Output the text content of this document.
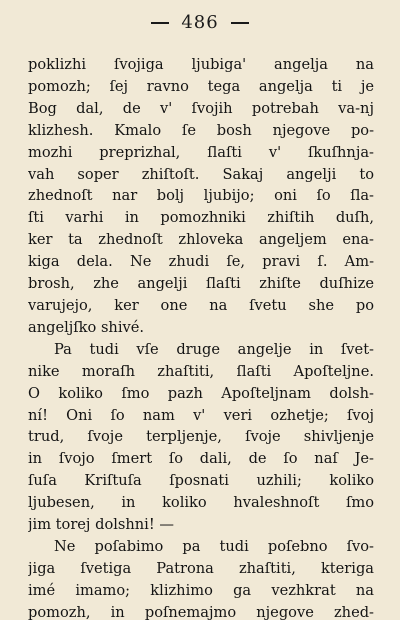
486
poklizhi ſvojiga ljubiga' angelja na
pomozh; ſej ravno tega angelja ti je
Bog dal, de v' ſvojih potrebah va-nj
klizhesh. Kmalo ſe bosh njegove po-
mozhi preprizhal, ſlaſti v' ſkuſhnja-
vah soper zhiſtoſt. Sakaj angelji to
zhednoſt nar bolj ljubijo; oni ſo ſla-
ſti varhi in pomozhniki zhiſtih duſh,
ker ta zhednoſt zhloveka angeljem ena-
kiga dela. Ne zhudi ſe, pravi ſ. Am-
brosh, zhe angelji ſlaſti zhiſte duſhize
varujejo, ker one na ſvetu she po
angeljſko shivé.
Pa tudi vſe druge angelje in ſvet-
nike moraſh zhaſtiti, ſlaſti Apoſteljne.
O koliko ſmo pazh Apoſteljnam dolsh-
ní! Oni ſo nam v' veri ozhetje; ſvoj
trud, ſvoje terpljenje, ſvoje shivljenje
in ſvojo ſmert ſo dali, de ſo naſ Je-
ſuſa Kriſtuſa ſposnati uzhili; koliko
ljubesen, in koliko hvaleshnoſt ſmo
jim torej dolshni! —
Ne poſabimo pa tudi poſebno ſvo-
jiga ſvetiga Patrona zhaſtiti, kteriga
imé imamo; klizhimo ga vezhkrat na
pomozh, in poſnemajmo njegove zhed-
